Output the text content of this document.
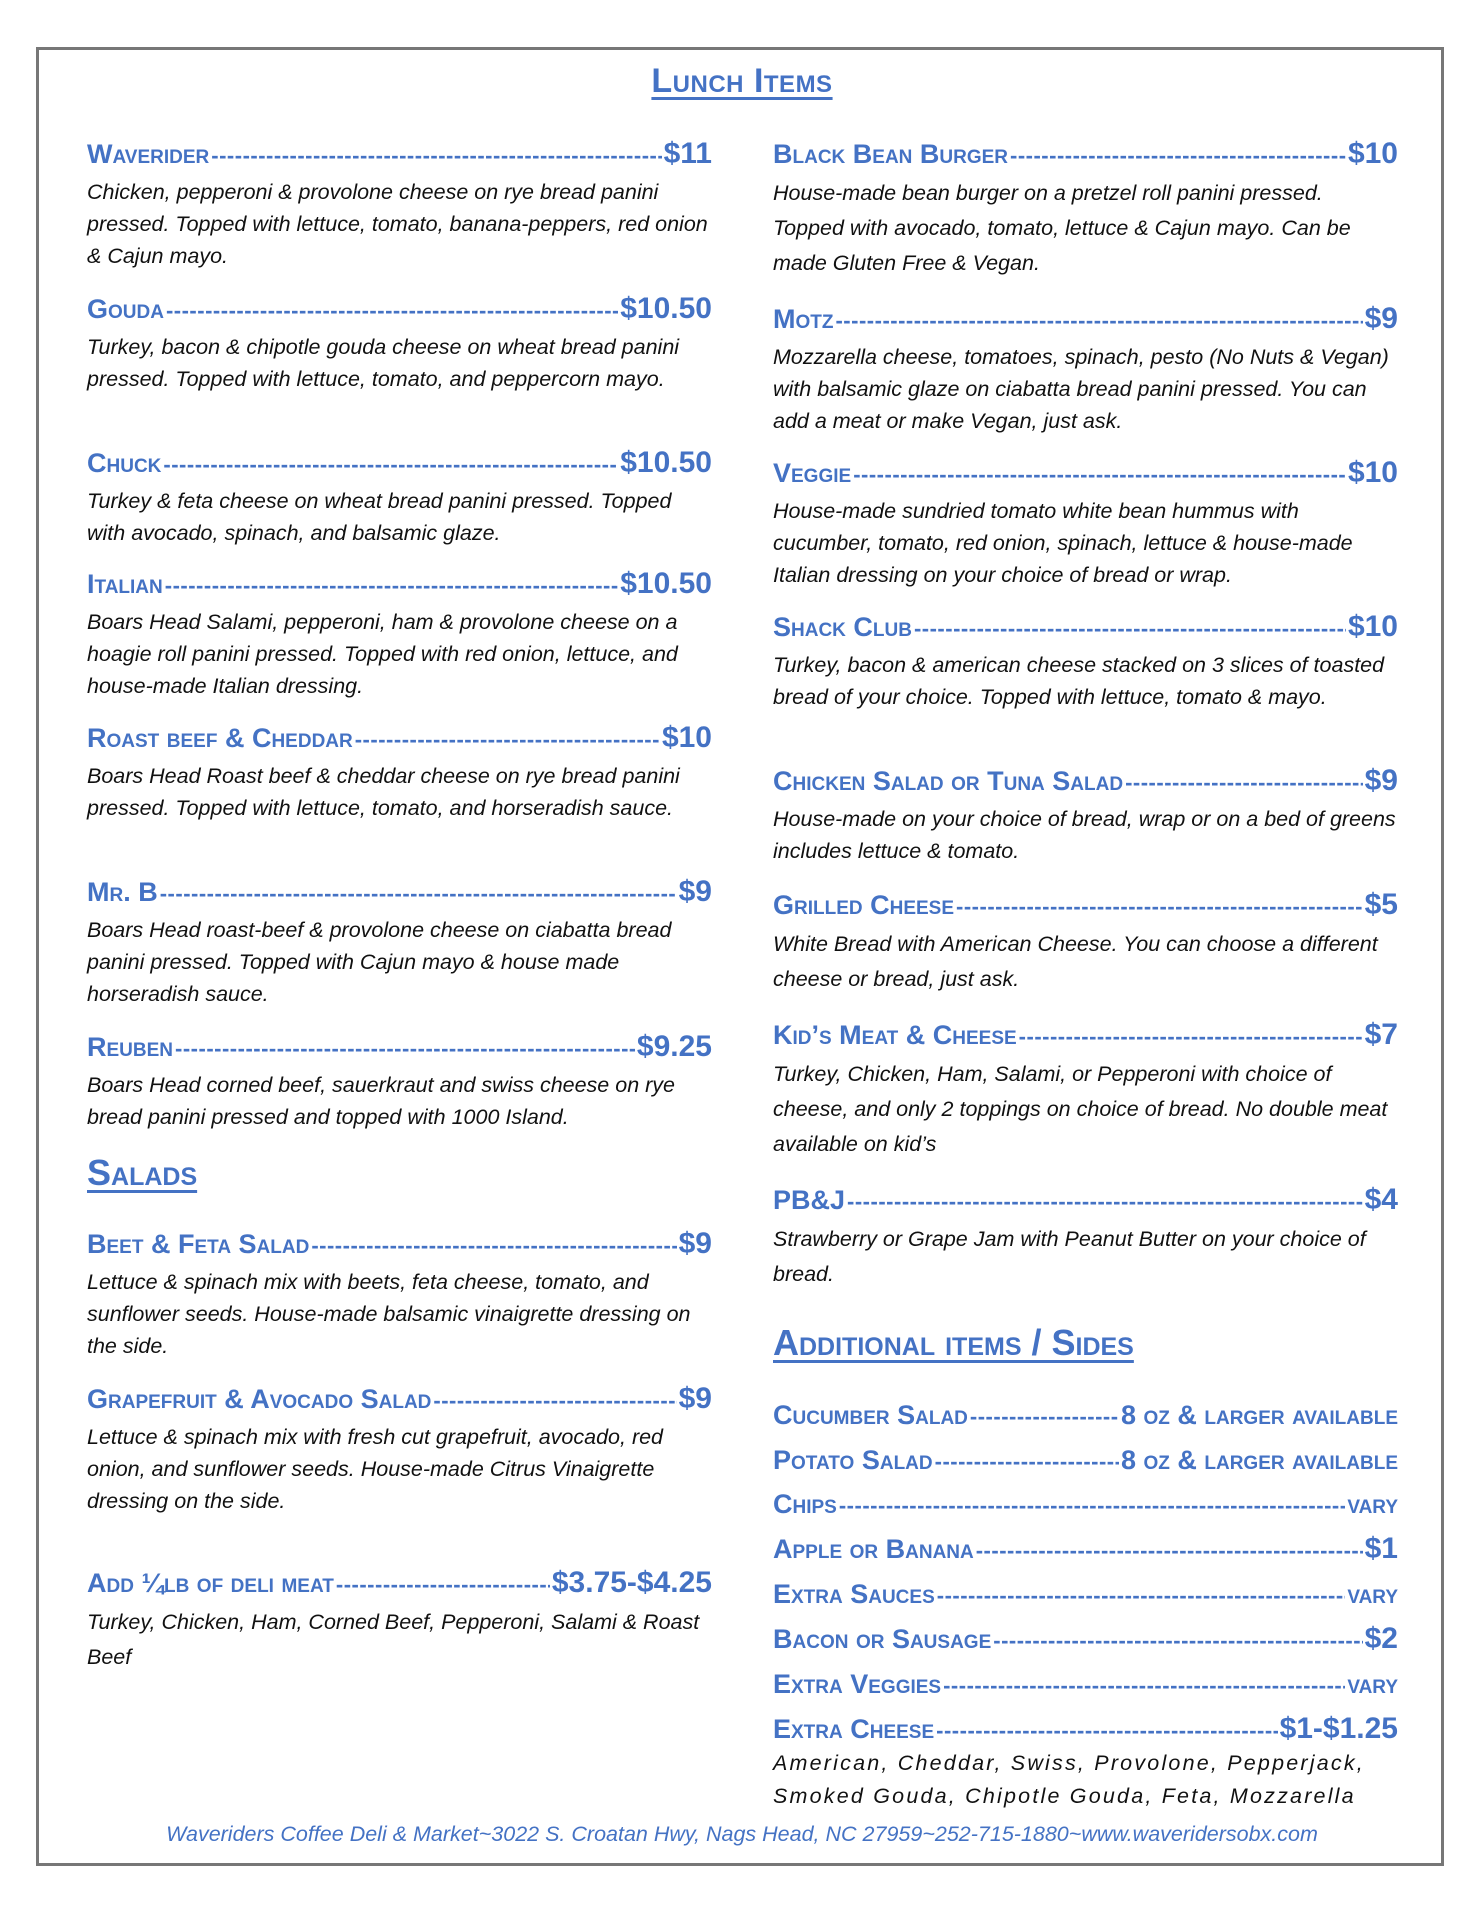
Lunch Items
Waverider -----	$11
Chicken, pepperoni & provolone cheese on rye bread panini pressed. Topped with lettuce, tomato, banana-peppers, red onion & Cajun mayo.
Gouda -----	$10.50
Turkey, bacon & chipotle gouda cheese on wheat bread panini pressed. Topped with lettuce, tomato, and peppercorn mayo.
Chuck -----	$10.50
Turkey & feta cheese on wheat bread panini pressed. Topped with avocado, spinach, and balsamic glaze.
Italian -----	$10.50
Boars Head Salami, pepperoni, ham & provolone cheese on a hoagie roll panini pressed. Topped with red onion, lettuce, and house-made Italian dressing.
Roast beef & Cheddar -----	$10
Boars Head Roast beef & cheddar cheese on rye bread panini pressed. Topped with lettuce, tomato, and horseradish sauce.
Mr. B -----	$9
Boars Head roast-beef & provolone cheese on ciabatta bread panini pressed. Topped with Cajun mayo & house made horseradish sauce.
Reuben -----	$9.25
Boars Head corned beef, sauerkraut and swiss cheese on rye bread panini pressed and topped with 1000 Island.
Salads
Beet & Feta Salad -----	$9
Lettuce & spinach mix with beets, feta cheese, tomato, and sunflower seeds. House-made balsamic vinaigrette dressing on the side.
Grapefruit & Avocado Salad -----	$9
Lettuce & spinach mix with fresh cut grapefruit, avocado, red onion, and sunflower seeds. House-made Citrus Vinaigrette dressing on the side.
Add ¼lb of deli meat -----	$3.75-$4.25
Turkey, Chicken, Ham, Corned Beef, Pepperoni, Salami & Roast Beef
Black Bean Burger -----	$10
House-made bean burger on a pretzel roll panini pressed. Topped with avocado, tomato, lettuce & Cajun mayo. Can be made Gluten Free & Vegan.
Motz -----	$9
Mozzarella cheese, tomatoes, spinach, pesto (No Nuts & Vegan) with balsamic glaze on ciabatta bread panini pressed. You can add a meat or make Vegan, just ask.
Veggie -----	$10
House-made sundried tomato white bean hummus with cucumber, tomato, red onion, spinach, lettuce & house-made Italian dressing on your choice of bread or wrap.
Shack Club -----	$10
Turkey, bacon & american cheese stacked on 3 slices of toasted bread of your choice. Topped with lettuce, tomato & mayo.
Chicken Salad or Tuna Salad -----	$9
House-made on your choice of bread, wrap or on a bed of greens includes lettuce & tomato.
Grilled Cheese -----	$5
White Bread with American Cheese. You can choose a different cheese or bread, just ask.
Kid’s Meat & Cheese -----	$7
Turkey, Chicken, Ham, Salami, or Pepperoni with choice of cheese, and only 2 toppings on choice of bread. No double meat available on kid’s
PB&J -----	$4
Strawberry or Grape Jam with Peanut Butter on your choice of bread.
Additional items / Sides
Cucumber Salad -----	8 oz & larger available
Potato Salad -----	8 oz & larger available
Chips -----	vary
Apple or Banana -----	$1
Extra Sauces -----	vary
Bacon or Sausage -----	$2
Extra Veggies -----	vary
Extra Cheese -----	$1-$1.25
American, Cheddar, Swiss, Provolone, Pepperjack, Smoked Gouda, Chipotle Gouda, Feta, Mozzarella
Waveriders Coffee Deli & Market~3022 S. Croatan Hwy, Nags Head, NC 27959~252-715-1880~www.waveridersobx.com
